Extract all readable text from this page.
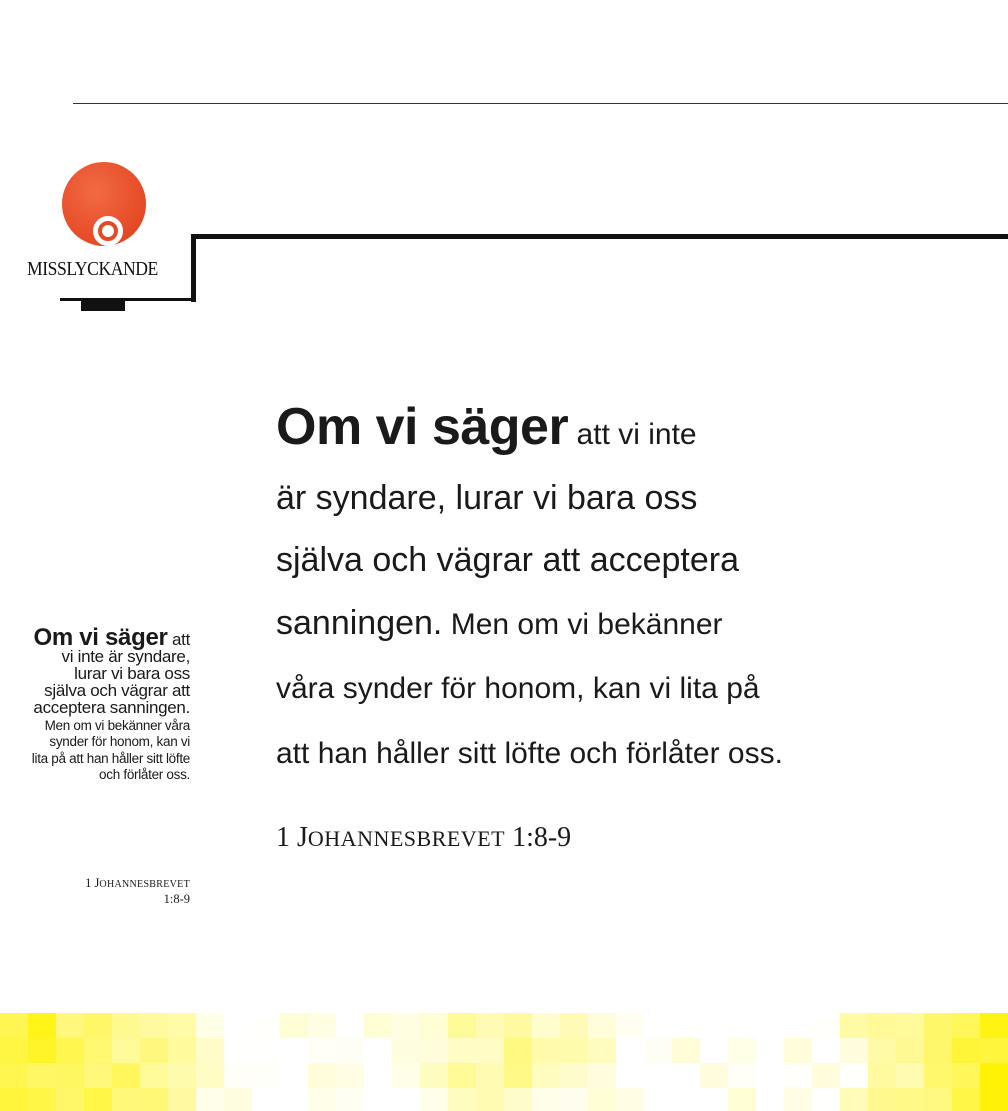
MISSLYCKANDE
Om vi säger att vi inte
är syndare, lurar vi bara oss
själva och vägrar att acceptera
sanningen. Men om vi bekänner
våra synder för honom, kan vi lita på
att han håller sitt löfte och förlåter oss.
1 JOHANNESBREVET 1:8-9
Om vi säger att vi inte är syndare, lurar vi bara oss själva och vägrar att acceptera sanningen. Men om vi bekänner våra synder för honom, kan vi lita på att han håller sitt löfte och förlåter oss.
1 JOHANNESBREVET
1:8-9
